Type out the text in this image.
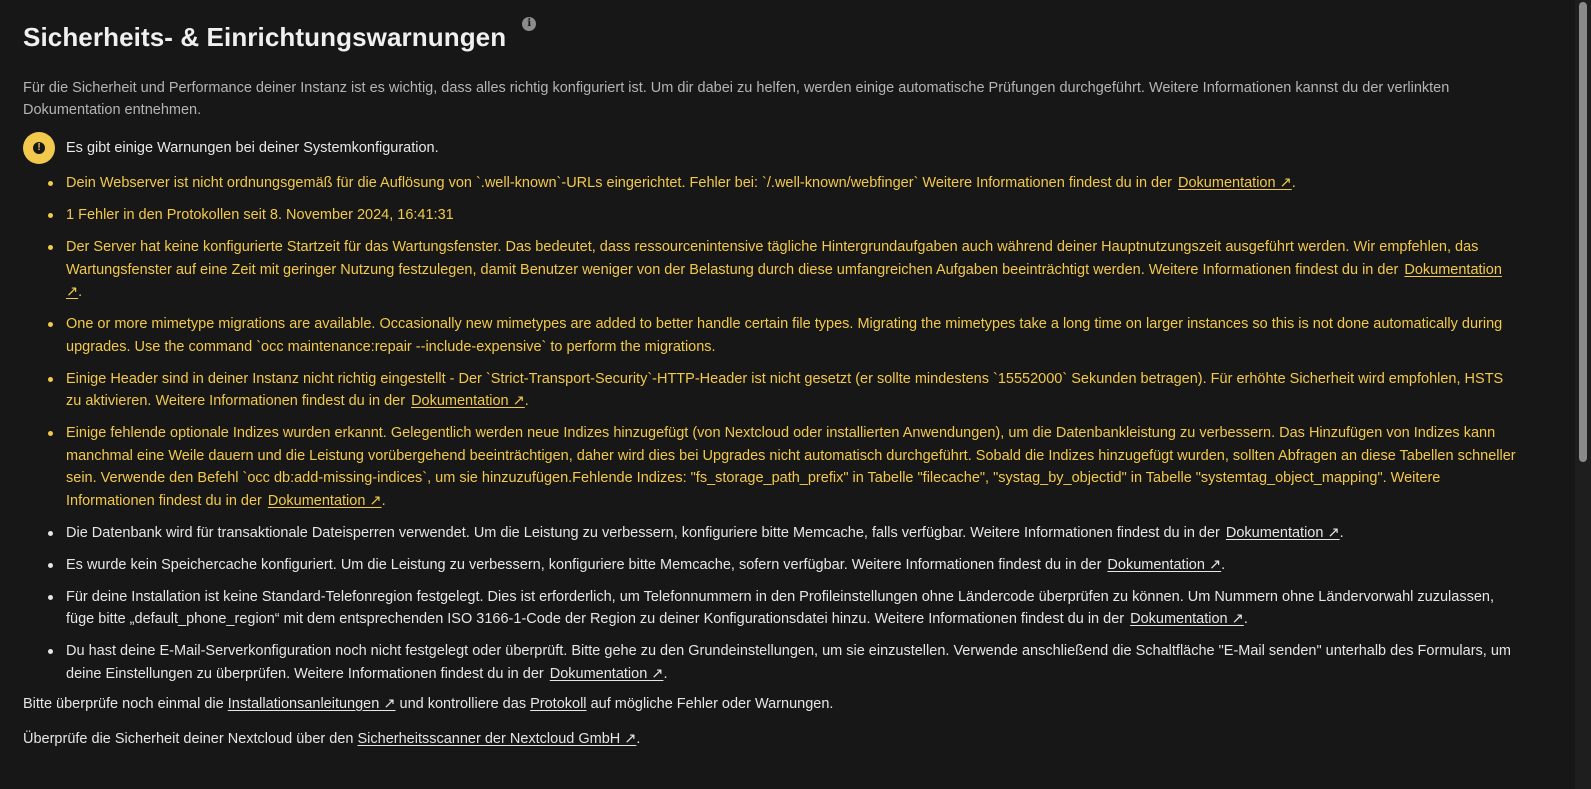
Sicherheits- & Einrichtungswarnungen	i

Für die Sicherheit und Performance deiner Instanz ist es wichtig, dass alles richtig konfiguriert ist. Um dir dabei zu helfen, werden einige automatische Prüfungen durchgeführt. Weitere Informationen kannst du der verlinkten Dokumentation entnehmen.

! Es gibt einige Warnungen bei deiner Systemkonfiguration.
Dein Webserver ist nicht ordnungsgemäß für die Auflösung von `.well-known`-URLs eingerichtet. Fehler bei: `/.well-known/webfinger` Weitere Informationen findest du in der Dokumentation ↗.
1 Fehler in den Protokollen seit 8. November 2024, 16:41:31
Der Server hat keine konfigurierte Startzeit für das Wartungsfenster. Das bedeutet, dass ressourcenintensive tägliche Hintergrundaufgaben auch während deiner Hauptnutzungszeit ausgeführt werden. Wir empfehlen, das Wartungsfenster auf eine Zeit mit geringer Nutzung festzulegen, damit Benutzer weniger von der Belastung durch diese umfangreichen Aufgaben beeinträchtigt werden. Weitere Informationen findest du in der Dokumentation ↗.
One or more mimetype migrations are available. Occasionally new mimetypes are added to better handle certain file types. Migrating the mimetypes take a long time on larger instances so this is not done automatically during upgrades. Use the command `occ maintenance:repair --include-expensive` to perform the migrations.
Einige Header sind in deiner Instanz nicht richtig eingestellt - Der `Strict-Transport-Security`-HTTP-Header ist nicht gesetzt (er sollte mindestens `15552000` Sekunden betragen). Für erhöhte Sicherheit wird empfohlen, HSTS zu aktivieren. Weitere Informationen findest du in der Dokumentation ↗.
Einige fehlende optionale Indizes wurden erkannt. Gelegentlich werden neue Indizes hinzugefügt (von Nextcloud oder installierten Anwendungen), um die Datenbankleistung zu verbessern. Das Hinzufügen von Indizes kann manchmal eine Weile dauern und die Leistung vorübergehend beeinträchtigen, daher wird dies bei Upgrades nicht automatisch durchgeführt. Sobald die Indizes hinzugefügt wurden, sollten Abfragen an diese Tabellen schneller sein. Verwende den Befehl `occ db:add-missing-indices`, um sie hinzuzufügen.Fehlende Indizes: "fs_storage_path_prefix" in Tabelle "filecache", "systag_by_objectid" in Tabelle "systemtag_object_mapping". Weitere Informationen findest du in der Dokumentation ↗.
Die Datenbank wird für transaktionale Dateisperren verwendet. Um die Leistung zu verbessern, konfiguriere bitte Memcache, falls verfügbar. Weitere Informationen findest du in der Dokumentation ↗.
Es wurde kein Speichercache konfiguriert. Um die Leistung zu verbessern, konfiguriere bitte Memcache, sofern verfügbar. Weitere Informationen findest du in der Dokumentation ↗.
Für deine Installation ist keine Standard-Telefonregion festgelegt. Dies ist erforderlich, um Telefonnummern in den Profileinstellungen ohne Ländercode überprüfen zu können. Um Nummern ohne Ländervorwahl zuzulassen, füge bitte „default_phone_region“ mit dem entsprechenden ISO 3166-1-Code der Region zu deiner Konfigurationsdatei hinzu. Weitere Informationen findest du in der Dokumentation ↗.
Du hast deine E-Mail-Serverkonfiguration noch nicht festgelegt oder überprüft. Bitte gehe zu den Grundeinstellungen, um sie einzustellen. Verwende anschließend die Schaltfläche "E-Mail senden" unterhalb des Formulars, um deine Einstellungen zu überprüfen. Weitere Informationen findest du in der Dokumentation ↗.

Bitte überprüfe noch einmal die Installationsanleitungen ↗ und kontrolliere das Protokoll auf mögliche Fehler oder Warnungen.

Überprüfe die Sicherheit deiner Nextcloud über den Sicherheitsscanner der Nextcloud GmbH ↗.
